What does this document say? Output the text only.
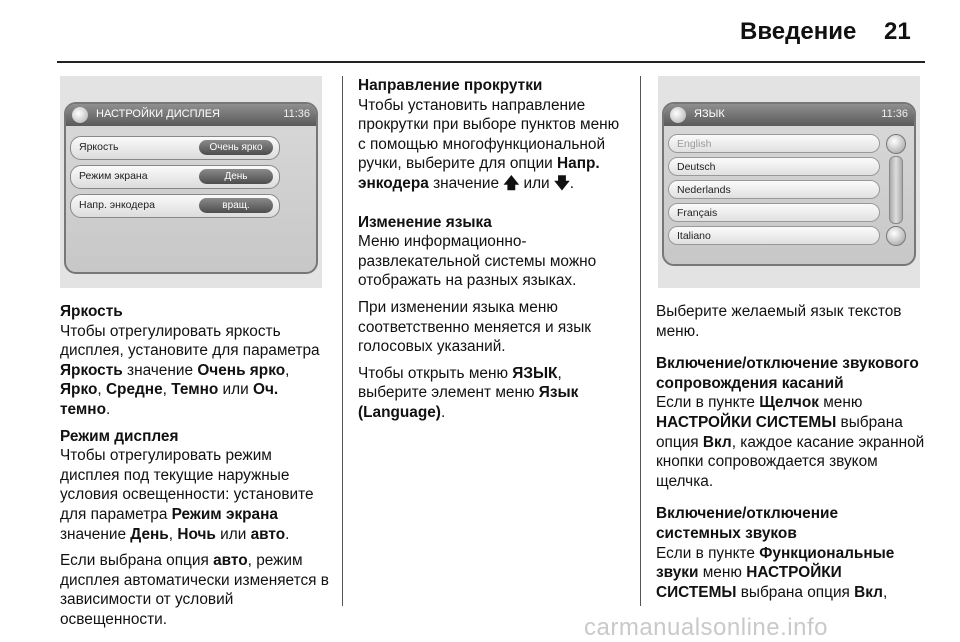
Введение 21
НАСТРОЙКИ ДИСПЛЕЯ	11:36
Яркость	Очень ярко
Режим экрана	День
Напр. энкодера	вращ.
ЯЗЫК	11:36
English
Deutsch
Nederlands
Français
Italiano
Яркость

Чтобы отрегулировать яркость дисплея, установите для параметра Яркость значение Очень ярко, Ярко, Средне, Темно или Оч. темно.

Режим дисплея

Чтобы отрегулировать режим дисплея под текущие наружные условия освещенности: установите для параметра Режим экрана значение День, Ночь или авто.

Если выбрана опция авто, режим дисплея автоматически изменяется в зависимости от условий освещенности.

Направление прокрутки

Чтобы установить направление прокрутки при выборе пунктов меню с помощью многофункциональной ручки, выберите для опции Напр. энкодера значение 🡅 или 🡇.

Изменение языка

Меню информационно-развлекательной системы можно отображать на разных языках.

При изменении языка меню соответственно меняется и язык голосовых указаний.

Чтобы открыть меню ЯЗЫК, выберите элемент меню Язык (Language).

Выберите желаемый язык текстов меню.

Включение/отключение звукового сопровождения касаний

Если в пункте Щелчок меню НАСТРОЙКИ СИСТЕМЫ выбрана опция Вкл, каждое касание экранной кнопки сопровождается звуком щелчка.

Включение/отключение системных звуков

Если в пункте Функциональные звуки меню НАСТРОЙКИ СИСТЕМЫ выбрана опция Вкл,

carmanualsonline.info
